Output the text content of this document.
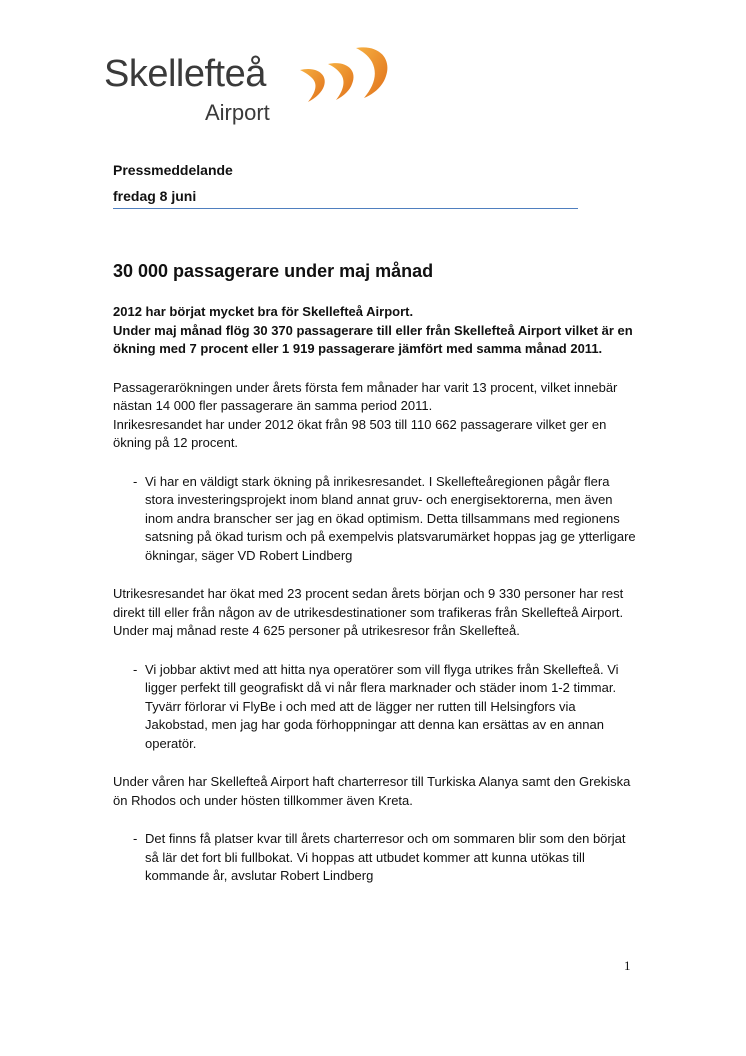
Skellefteå
Airport

Pressmeddelande

fredag 8 juni

30 000 passagerare under maj månad

2012 har börjat mycket bra för Skellefteå Airport.
Under maj månad flög 30 370 passagerare till eller från Skellefteå Airport vilket är en ökning med 7 procent eller 1 919 passagerare jämfört med samma månad 2011.

Passagerarökningen under årets första fem månader har varit 13 procent, vilket innebär nästan 14 000 fler passagerare än samma period 2011.
Inrikesresandet har under 2012 ökat från 98 503 till 110 662 passagerare vilket ger en ökning på 12 procent.

- Vi har en väldigt stark ökning på inrikesresandet. I Skellefteåregionen pågår flera stora investeringsprojekt inom bland annat gruv- och energisektorerna, men även inom andra branscher ser jag en ökad optimism. Detta tillsammans med regionens satsning på ökad turism och på exempelvis platsvarumärket hoppas jag ge ytterligare ökningar, säger VD Robert Lindberg

Utrikesresandet har ökat med 23 procent sedan årets början och 9 330 personer har rest direkt till eller från någon av de utrikesdestinationer som trafikeras från Skellefteå Airport. Under maj månad reste 4 625 personer på utrikesresor från Skellefteå.

- Vi jobbar aktivt med att hitta nya operatörer som vill flyga utrikes från Skellefteå. Vi ligger perfekt till geografiskt då vi når flera marknader och städer inom 1-2 timmar. Tyvärr förlorar vi FlyBe i och med att de lägger ner rutten till Helsingfors via Jakobstad, men jag har goda förhoppningar att denna kan ersättas av en annan operatör.

Under våren har Skellefteå Airport haft charterresor till Turkiska Alanya samt den Grekiska ön Rhodos och under hösten tillkommer även Kreta.

- Det finns få platser kvar till årets charterresor och om sommaren blir som den börjat så lär det fort bli fullbokat. Vi hoppas att utbudet kommer att kunna utökas till kommande år, avslutar Robert Lindberg
1
